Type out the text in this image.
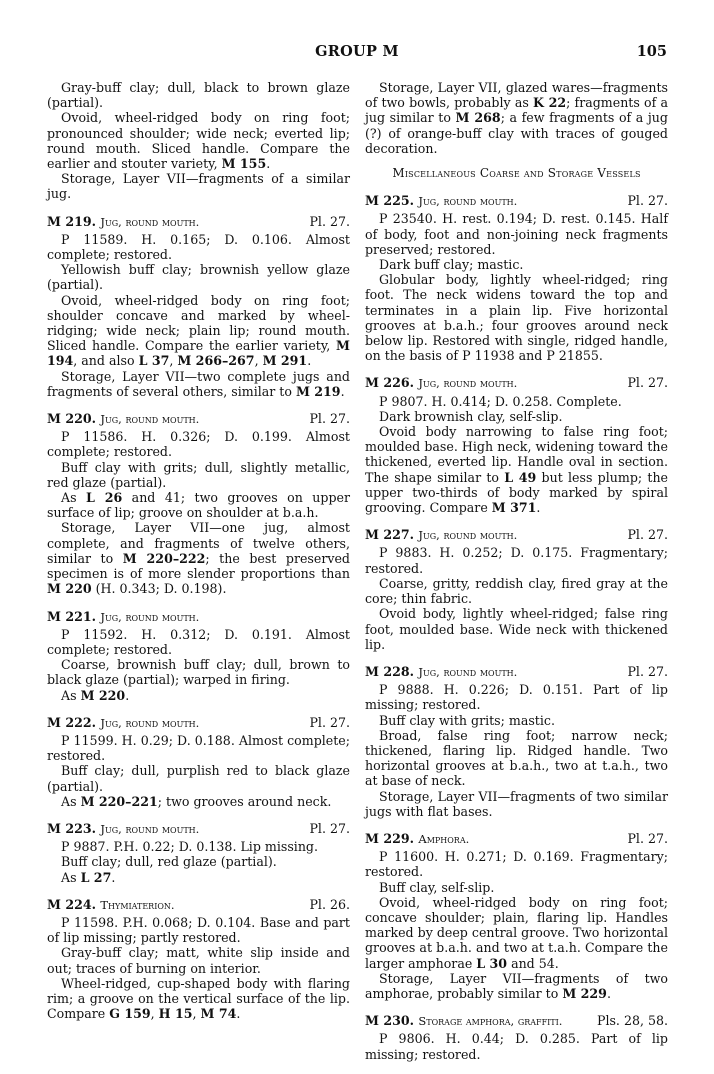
GROUP M	105

Gray-buff clay; dull, black to brown glaze (partial).

Ovoid, wheel-ridged body on ring foot; pronounced shoulder; wide neck; everted lip; round mouth. Sliced handle. Compare the earlier and stouter variety, M 155.

Storage, Layer VII—fragments of a similar jug.

M 219. Jug, round mouth.	Pl. 27.

P 11589. H. 0.165; D. 0.106. Almost complete; restored.

Yellowish buff clay; brownish yellow glaze (partial).

Ovoid, wheel-ridged body on ring foot; shoulder concave and marked by wheel-ridging; wide neck; plain lip; round mouth. Sliced handle. Compare the earlier variety, M 194, and also L 37, M 266–267, M 291.

Storage, Layer VII—two complete jugs and fragments of several others, similar to M 219.

M 220. Jug, round mouth.	Pl. 27.

P 11586. H. 0.326; D. 0.199. Almost complete; restored.

Buff clay with grits; dull, slightly metallic, red glaze (partial).

As L 26 and 41; two grooves on upper surface of lip; groove on shoulder at b.a.h.

Storage, Layer VII—one jug, almost complete, and fragments of twelve others, similar to M 220–222; the best preserved specimen is of more slender proportions than M 220 (H. 0.343; D. 0.198).

M 221. Jug, round mouth.

P 11592. H. 0.312; D. 0.191. Almost complete; restored.

Coarse, brownish buff clay; dull, brown to black glaze (partial); warped in firing.

As M 220.

M 222. Jug, round mouth.	Pl. 27.

P 11599. H. 0.29; D. 0.188. Almost complete; restored.

Buff clay; dull, purplish red to black glaze (partial).

As M 220–221; two grooves around neck.

M 223. Jug, round mouth.	Pl. 27.

P 9887. P.H. 0.22; D. 0.138. Lip missing.

Buff clay; dull, red glaze (partial).

As L 27.

M 224. Thymiaterion.	Pl. 26.

P 11598. P.H. 0.068; D. 0.104. Base and part of lip missing; partly restored.

Gray-buff clay; matt, white slip inside and out; traces of burning on interior.

Wheel-ridged, cup-shaped body with flaring rim; a groove on the vertical surface of the lip. Compare G 159, H 15, M 74.

Storage, Layer VII, glazed wares—fragments of two bowls, probably as K 22; fragments of a jug similar to M 268; a few fragments of a jug (?) of orange-buff clay with traces of gouged decoration.

Miscellaneous Coarse and Storage Vessels

M 225. Jug, round mouth.	Pl. 27.

P 23540. H. rest. 0.194; D. rest. 0.145. Half of body, foot and non-joining neck fragments preserved; restored.

Dark buff clay; mastic.

Globular body, lightly wheel-ridged; ring foot. The neck widens toward the top and terminates in a plain lip. Five horizontal grooves at b.a.h.; four grooves around neck below lip. Restored with single, ridged handle, on the basis of P 11938 and P 21855.

M 226. Jug, round mouth.	Pl. 27.

P 9807. H. 0.414; D. 0.258. Complete.

Dark brownish clay, self-slip.

Ovoid body narrowing to false ring foot; moulded base. High neck, widening toward the thickened, everted lip. Handle oval in section. The shape similar to L 49 but less plump; the upper two-thirds of body marked by spiral grooving. Compare M 371.

M 227. Jug, round mouth.	Pl. 27.

P 9883. H. 0.252; D. 0.175. Fragmentary; restored.

Coarse, gritty, reddish clay, fired gray at the core; thin fabric.

Ovoid body, lightly wheel-ridged; false ring foot, moulded base. Wide neck with thickened lip.

M 228. Jug, round mouth.	Pl. 27.

P 9888. H. 0.226; D. 0.151. Part of lip missing; restored.

Buff clay with grits; mastic.

Broad, false ring foot; narrow neck; thickened, flaring lip. Ridged handle. Two horizontal grooves at b.a.h., two at t.a.h., two at base of neck.

Storage, Layer VII—fragments of two similar jugs with flat bases.

M 229. Amphora.	Pl. 27.

P 11600. H. 0.271; D. 0.169. Fragmentary; restored.

Buff clay, self-slip.

Ovoid, wheel-ridged body on ring foot; concave shoulder; plain, flaring lip. Handles marked by deep central groove. Two horizontal grooves at b.a.h. and two at t.a.h. Compare the larger amphorae L 30 and 54.

Storage, Layer VII—fragments of two amphorae, probably similar to M 229.

M 230. Storage amphora, graffiti.	Pls. 28, 58.

P 9806. H. 0.44; D. 0.285. Part of lip missing; restored.
